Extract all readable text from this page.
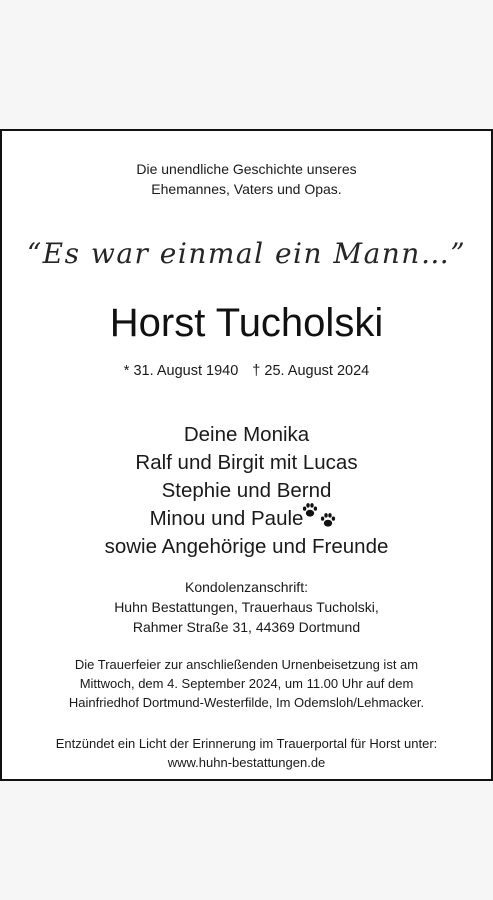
Die unendliche Geschichte unseres
Ehemannes, Vaters und Opas.
“Es war einmal ein Mann…”
Horst Tucholski
* 31. August 1940 † 25. August 2024
Deine Monika
Ralf und Birgit mit Lucas
Stephie und Bernd
Minou und Paule
sowie Angehörige und Freunde
Kondolenzanschrift:
Huhn Bestattungen, Trauerhaus Tucholski,
Rahmer Straße 31, 44369 Dortmund
Die Trauerfeier zur anschließenden Urnenbeisetzung ist am
Mittwoch, dem 4. September 2024, um 11.00 Uhr auf dem
Hainfriedhof Dortmund-Westerfilde, Im Odemsloh/Lehmacker.
Entzündet ein Licht der Erinnerung im Trauerportal für Horst unter:
www.huhn-bestattungen.de
